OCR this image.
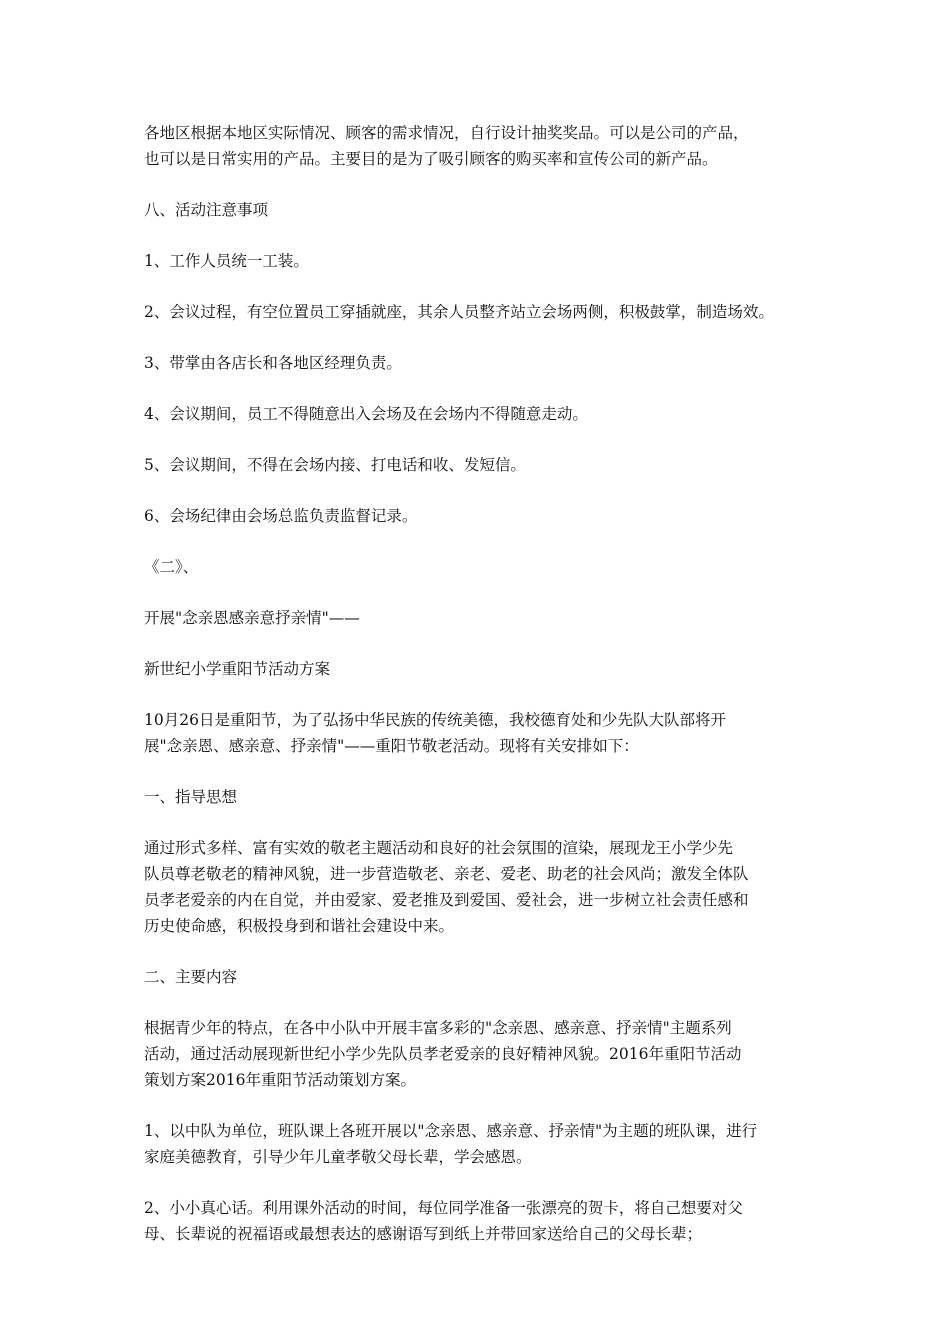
各地区根据本地区实际情况、顾客的需求情况，自行设计抽奖奖品。可以是公司的产品，
也可以是日常实用的产品。主要目的是为了吸引顾客的购买率和宣传公司的新产品。
八、活动注意事项
1、工作人员统一工装。
2、会议过程，有空位置员工穿插就座，其余人员整齐站立会场两侧，积极鼓掌，制造场效。
3、带掌由各店长和各地区经理负责。
4、会议期间，员工不得随意出入会场及在会场内不得随意走动。
5、会议期间，不得在会场内接、打电话和收、发短信。
6、会场纪律由会场总监负责监督记录。
《二》、
开展"念亲恩感亲意抒亲情"——
新世纪小学重阳节活动方案
10月26日是重阳节，为了弘扬中华民族的传统美德，我校德育处和少先队大队部将开
展"念亲恩、感亲意、抒亲情"——重阳节敬老活动。现将有关安排如下：
一、指导思想
通过形式多样、富有实效的敬老主题活动和良好的社会氛围的渲染，展现龙王小学少先
队员尊老敬老的精神风貌，进一步营造敬老、亲老、爱老、助老的社会风尚；激发全体队
员孝老爱亲的内在自觉，并由爱家、爱老推及到爱国、爱社会，进一步树立社会责任感和
历史使命感，积极投身到和谐社会建设中来。
二、主要内容
根据青少年的特点，在各中小队中开展丰富多彩的"念亲恩、感亲意、抒亲情"主题系列
活动，通过活动展现新世纪小学少先队员孝老爱亲的良好精神风貌。2016年重阳节活动
策划方案2016年重阳节活动策划方案。
1、以中队为单位，班队课上各班开展以"念亲恩、感亲意、抒亲情"为主题的班队课，进行
家庭美德教育，引导少年儿童孝敬父母长辈，学会感恩。
2、小小真心话。利用课外活动的时间，每位同学准备一张漂亮的贺卡，将自己想要对父
母、长辈说的祝福语或最想表达的感谢语写到纸上并带回家送给自己的父母长辈；
